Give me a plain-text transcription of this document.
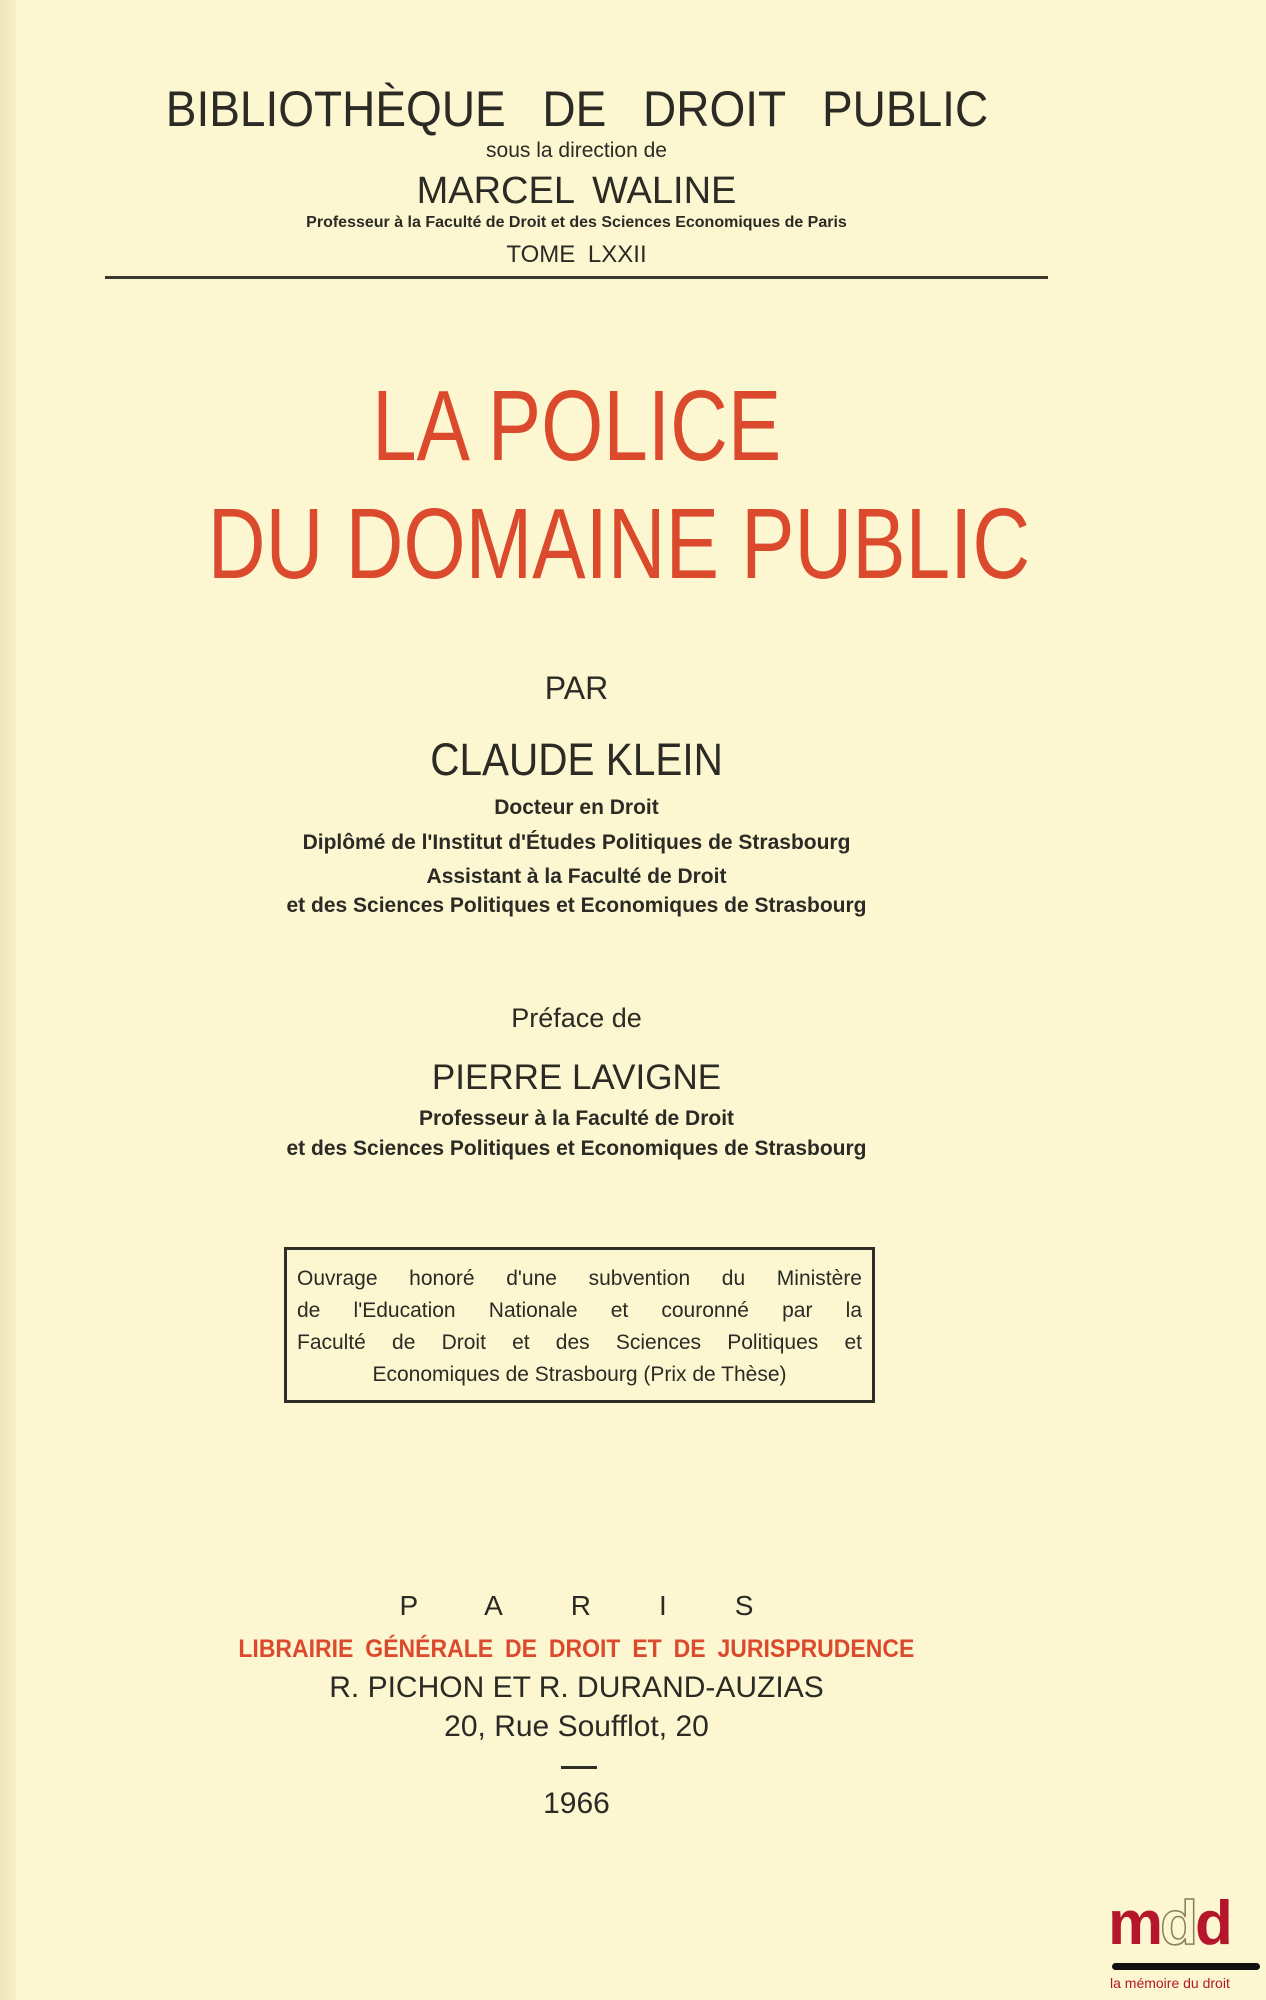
BIBLIOTHÈQUE DE DROIT PUBLIC
sous la direction de
MARCEL WALINE
Professeur à la Faculté de Droit et des Sciences Economiques de Paris
TOME LXXII
LA POLICE
DU DOMAINE PUBLIC
PAR
CLAUDE KLEIN
Docteur en Droit
Diplômé de l'Institut d'Études Politiques de Strasbourg
Assistant à la Faculté de Droit
et des Sciences Politiques et Economiques de Strasbourg
Préface de
PIERRE LAVIGNE
Professeur à la Faculté de Droit
et des Sciences Politiques et Economiques de Strasbourg
Ouvrage honoré d'une subvention du Ministère
de l'Education Nationale et couronné par la
Faculté de Droit et des Sciences Politiques et
Economiques de Strasbourg (Prix de Thèse)
PARIS
LIBRAIRIE GÉNÉRALE DE DROIT ET DE JURISPRUDENCE
R. PICHON ET R. DURAND-AUZIAS
20, Rue Soufflot, 20
1966
mdd
la mémoire du droit
